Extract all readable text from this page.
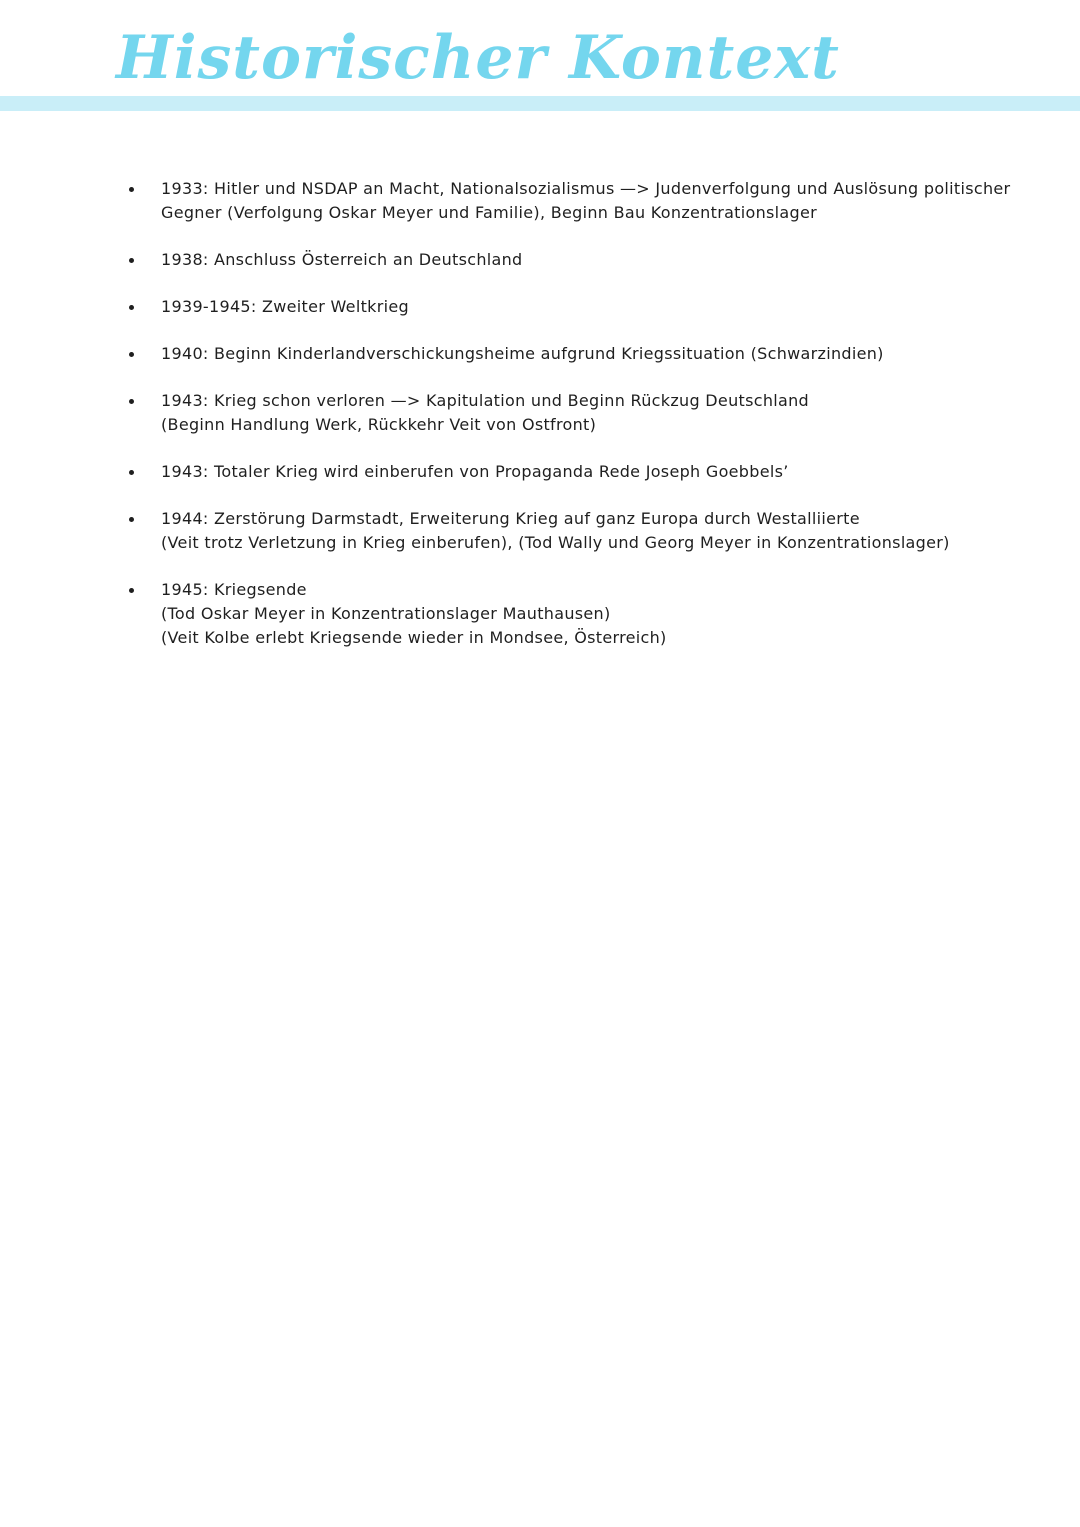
Historischer Kontext
1933: Hitler und NSDAP an Macht, Nationalsozialismus —> Judenverfolgung und Auslösung politischer
Gegner (Verfolgung Oskar Meyer und Familie), Beginn Bau Konzentrationslager
1938: Anschluss Österreich an Deutschland
1939-1945: Zweiter Weltkrieg
1940: Beginn Kinderlandverschickungsheime aufgrund Kriegssituation (Schwarzindien)
1943: Krieg schon verloren —> Kapitulation und Beginn Rückzug Deutschland
(Beginn Handlung Werk, Rückkehr Veit von Ostfront)
1943: Totaler Krieg wird einberufen von Propaganda Rede Joseph Goebbels’
1944: Zerstörung Darmstadt, Erweiterung Krieg auf ganz Europa durch Westalliierte
(Veit trotz Verletzung in Krieg einberufen), (Tod Wally und Georg Meyer in Konzentrationslager)
1945: Kriegsende
(Tod Oskar Meyer in Konzentrationslager Mauthausen)
(Veit Kolbe erlebt Kriegsende wieder in Mondsee, Österreich)
